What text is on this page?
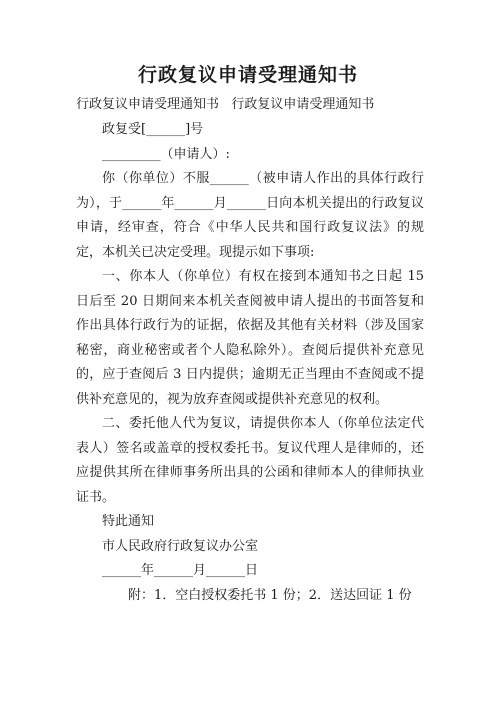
行政复议申请受理通知书

行政复议申请受理通知书   行政复议申请受理通知书

政复受[______]号

_________（申请人）:

你（你单位）不服______（被申请人作出的具体行政行为），于______年______月______日向本机关提出的行政复议申请，经审查，符合《中华人民共和国行政复议法》的规定，本机关已决定受理。现提示如下事项:

一、你本人（你单位）有权在接到本通知书之日起 15 日后至 20 日期间来本机关查阅被申请人提出的书面答复和作出具体行政行为的证据，依据及其他有关材料（涉及国家秘密，商业秘密或者个人隐私除外）。查阅后提供补充意见的，应于查阅后 3 日内提供；逾期无正当理由不查阅或不提供补充意见的，视为放弃查阅或提供补充意见的权利。

二、委托他人代为复议，请提供你本人（你单位法定代表人）签名或盖章的授权委托书。复议代理人是律师的，还应提供其所在律师事务所出具的公函和律师本人的律师执业证书。

特此通知

市人民政府行政复议办公室

______年______月______日

附：1．空白授权委托书 1 份；2．送达回证 1 份
